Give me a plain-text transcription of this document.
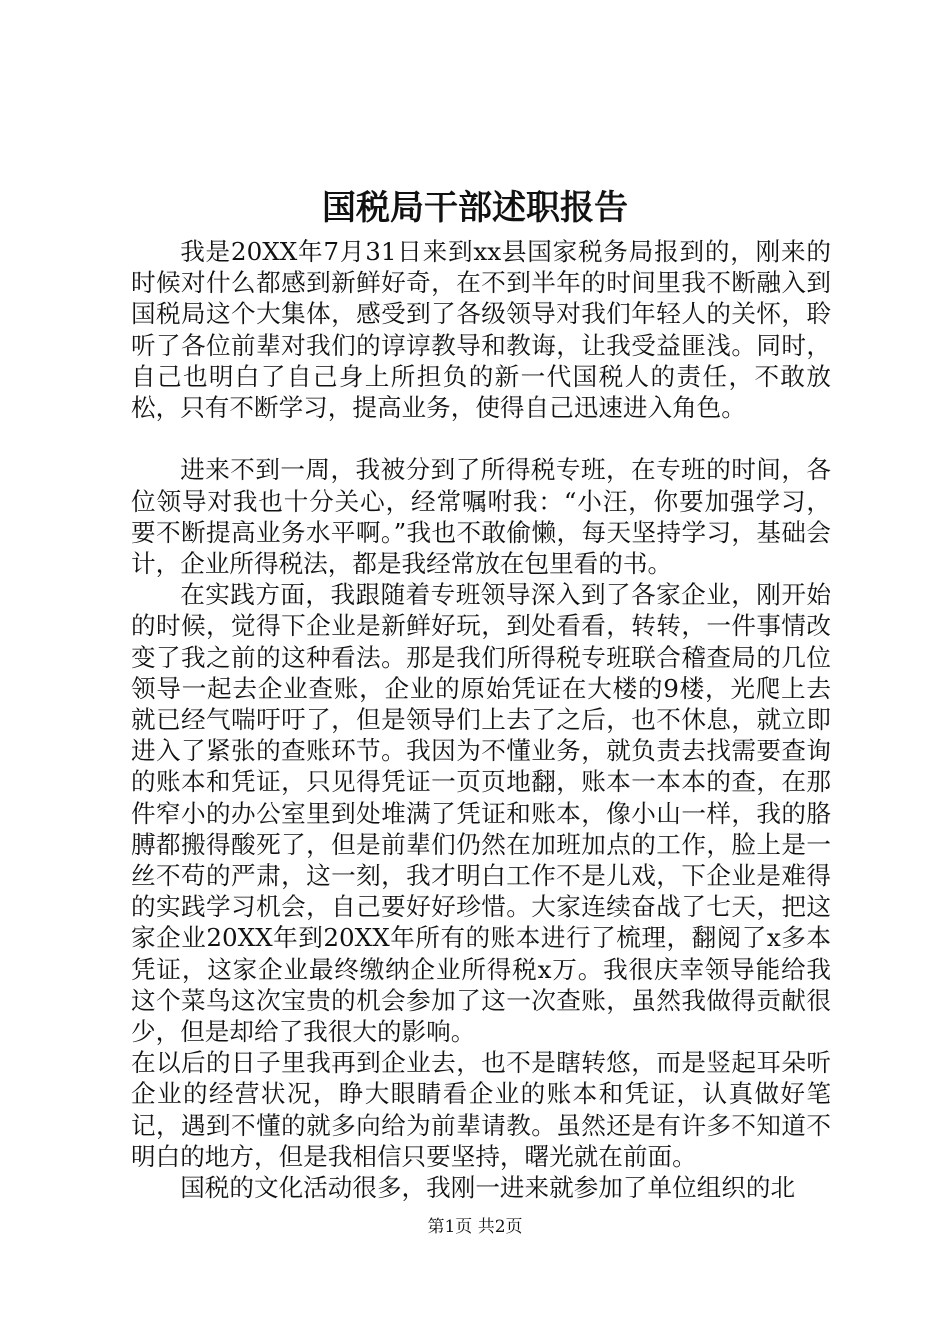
国税局干部述职报告

我是20XX年7月31日来到xx县国家税务局报到的，刚来的时候对什么都感到新鲜好奇，在不到半年的时间里我不断融入到国税局这个大集体，感受到了各级领导对我们年轻人的关怀，聆听了各位前辈对我们的谆谆教导和教诲，让我受益匪浅。同时，自己也明白了自己身上所担负的新一代国税人的责任，不敢放松，只有不断学习，提高业务，使得自己迅速进入角色。

进来不到一周，我被分到了所得税专班，在专班的时间，各位领导对我也十分关心，经常嘱咐我：“小汪，你要加强学习，要不断提高业务水平啊。”我也不敢偷懒，每天坚持学习，基础会计，企业所得税法，都是我经常放在包里看的书。

在实践方面，我跟随着专班领导深入到了各家企业，刚开始的时候，觉得下企业是新鲜好玩，到处看看，转转，一件事情改变了我之前的这种看法。那是我们所得税专班联合稽查局的几位领导一起去企业查账，企业的原始凭证在大楼的9楼，光爬上去就已经气喘吁吁了，但是领导们上去了之后，也不休息，就立即进入了紧张的查账环节。我因为不懂业务，就负责去找需要查询的账本和凭证，只见得凭证一页页地翻，账本一本本的查，在那件窄小的办公室里到处堆满了凭证和账本，像小山一样，我的胳膊都搬得酸死了，但是前辈们仍然在加班加点的工作，脸上是一丝不苟的严肃，这一刻，我才明白工作不是儿戏，下企业是难得的实践学习机会，自己要好好珍惜。大家连续奋战了七天，把这家企业20XX年到20XX年所有的账本进行了梳理，翻阅了x多本凭证，这家企业最终缴纳企业所得税x万。我很庆幸领导能给我这个菜鸟这次宝贵的机会参加了这一次查账，虽然我做得贡献很少，但是却给了我很大的影响。

在以后的日子里我再到企业去，也不是瞎转悠，而是竖起耳朵听企业的经营状况，睁大眼睛看企业的账本和凭证，认真做好笔记，遇到不懂的就多向给为前辈请教。虽然还是有许多不知道不明白的地方，但是我相信只要坚持，曙光就在前面。

国税的文化活动很多，我刚一进来就参加了单位组织的北

第1页 共2页
